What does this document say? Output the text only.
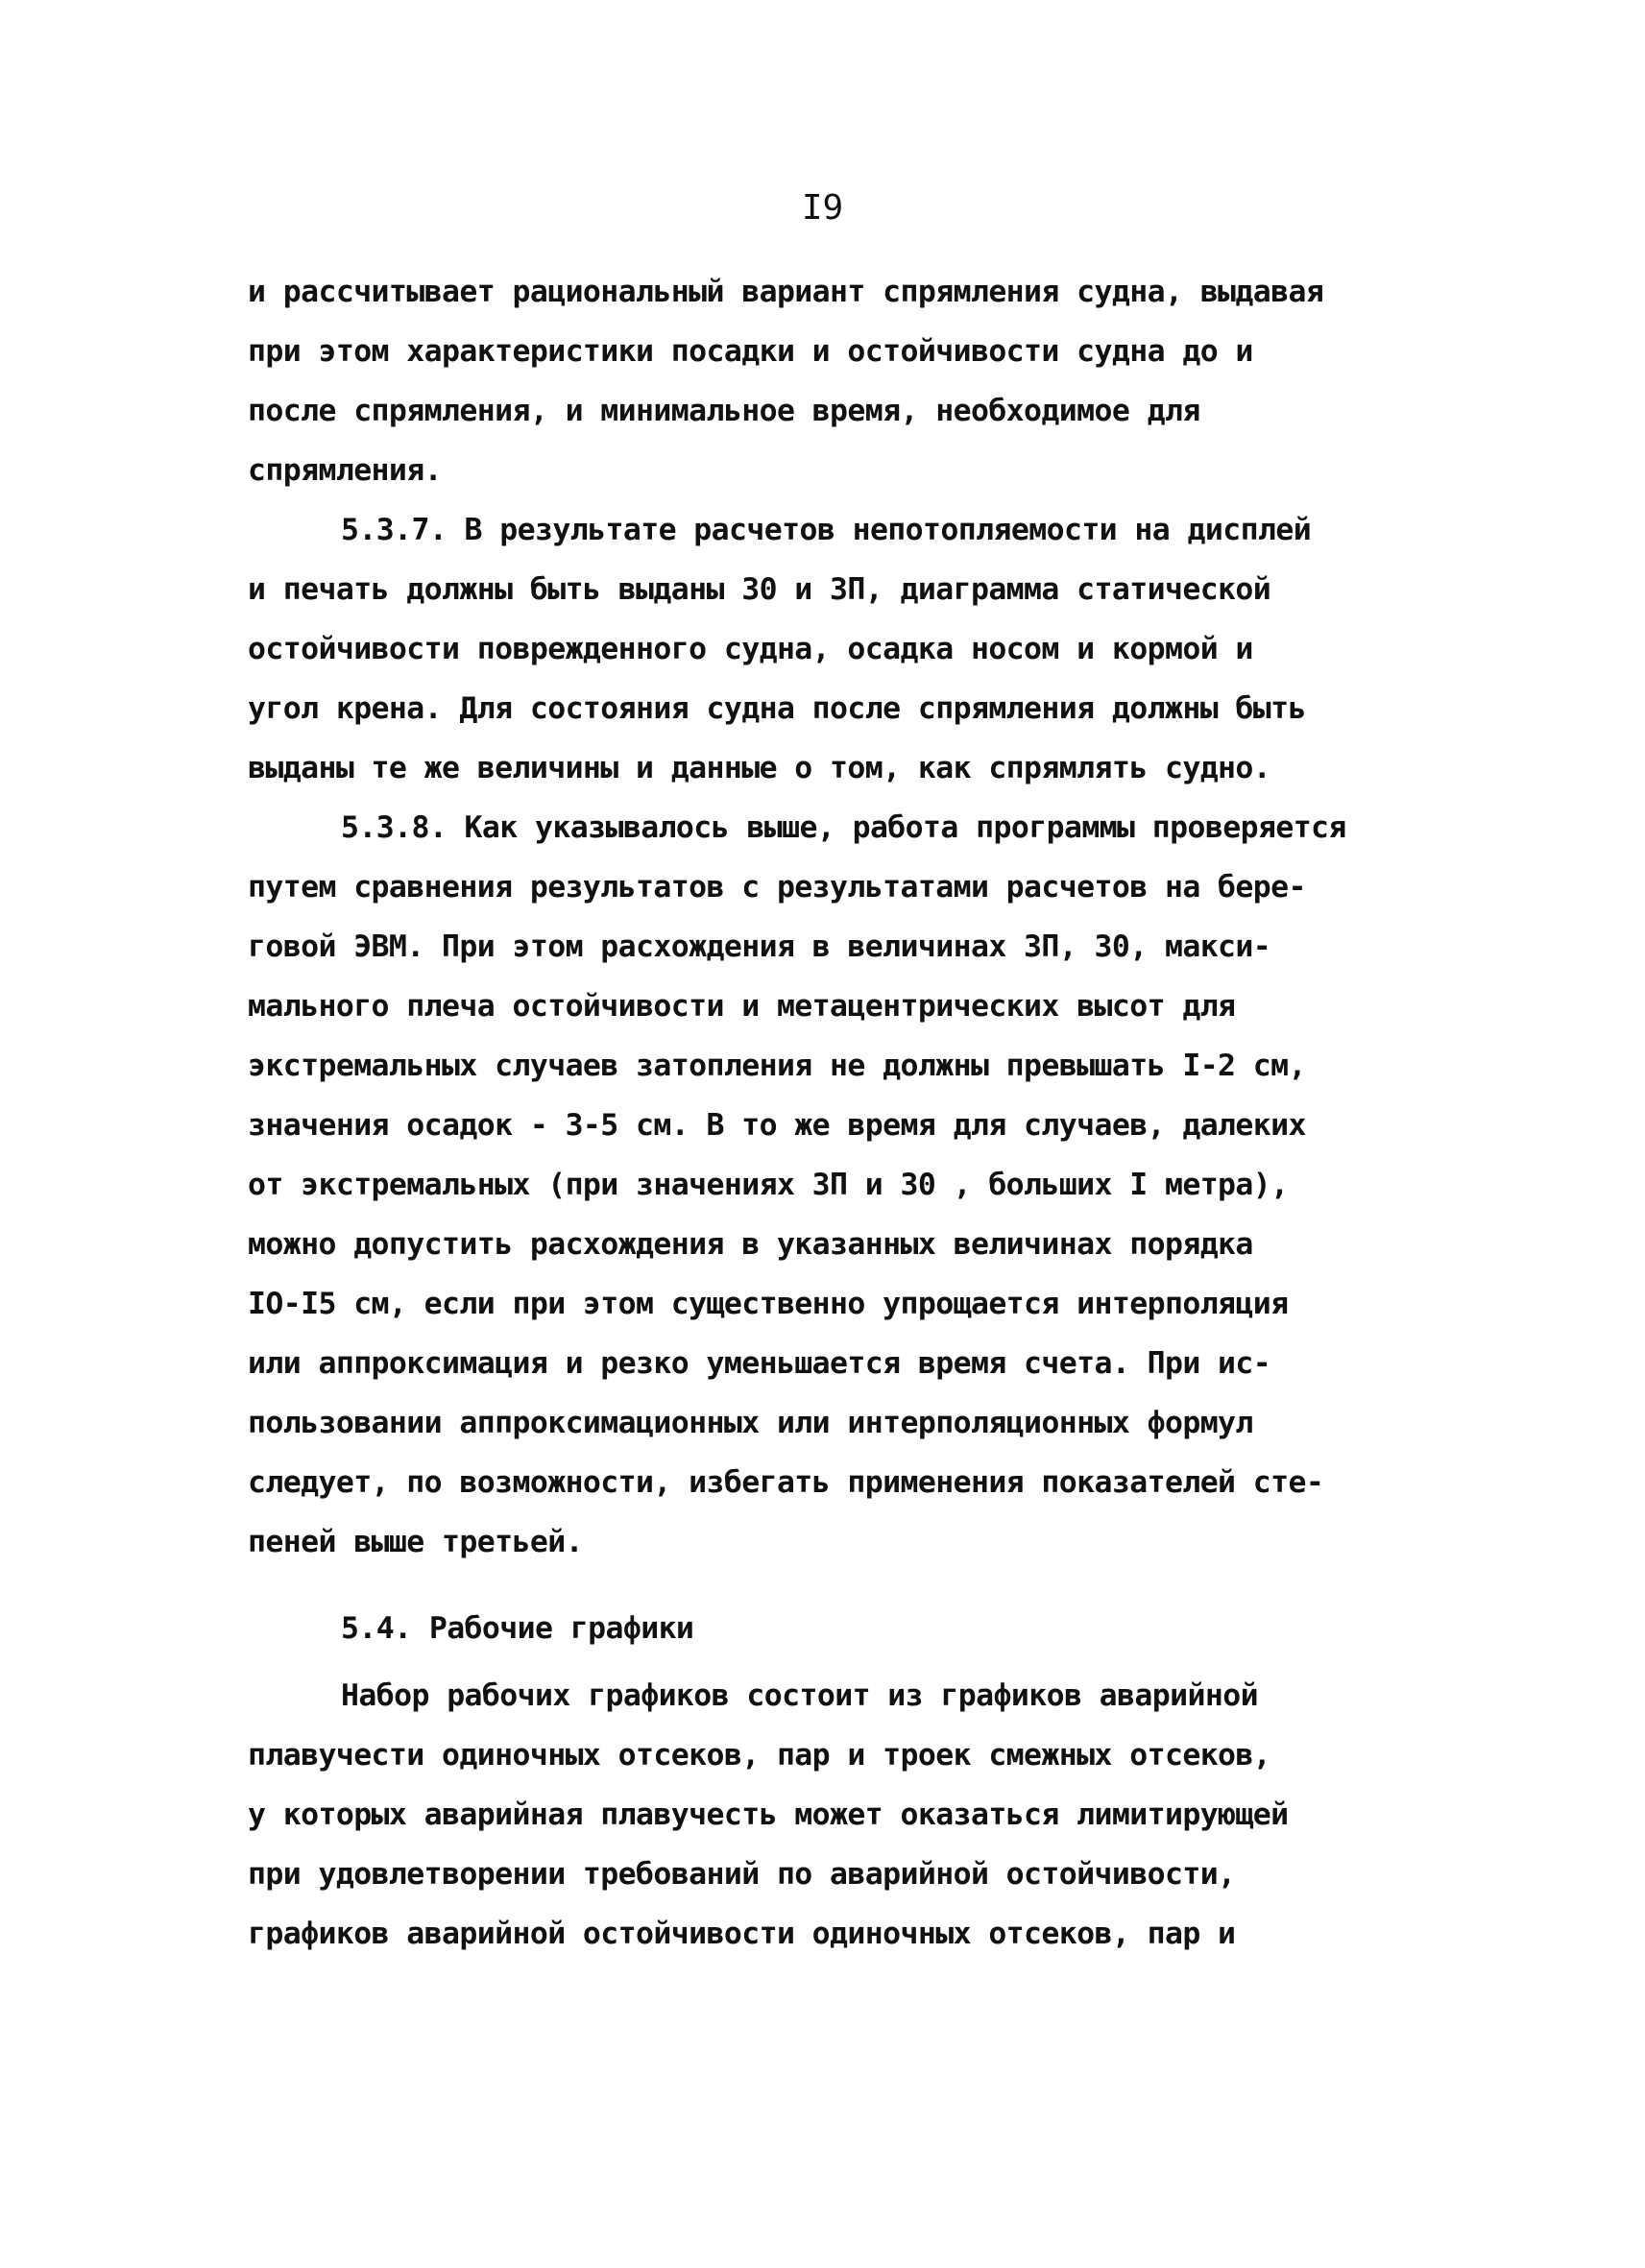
I9
и рассчитывает рациональный вариант спрямления судна, выдавая
при этом характеристики посадки и остойчивости судна до и
после спрямления, и минимальное время, необходимое для
спрямления.
5.3.7. В результате расчетов непотопляемости на дисплей
и печать должны быть выданы 30 и ЗП, диаграмма статической
остойчивости поврежденного судна, осадка носом и кормой и
угол крена. Для состояния судна после спрямления должны быть
выданы те же величины и данные о том, как спрямлять судно.
5.3.8. Как указывалось выше, работа программы проверяется
путем сравнения результатов с результатами расчетов на бере-
говой ЭВМ. При этом расхождения в величинах ЗП, 30, макси-
мального плеча остойчивости и метацентрических высот для
экстремальных случаев затопления не должны превышать I-2 см,
значения осадок - 3-5 см. В то же время для случаев, далеких
от экстремальных (при значениях ЗП и 30 , больших I метра),
можно допустить расхождения в указанных величинах порядка
IO-I5 см, если при этом существенно упрощается интерполяция
или аппроксимация и резко уменьшается время счета. При ис-
пользовании аппроксимационных или интерполяционных формул
следует, по возможности, избегать применения показателей сте-
пеней выше третьей.
5.4. Рабочие графики
Набор рабочих графиков состоит из графиков аварийной
плавучести одиночных отсеков, пар и троек смежных отсеков,
у которых аварийная плавучесть может оказаться лимитирующей
при удовлетворении требований по аварийной остойчивости,
графиков аварийной остойчивости одиночных отсеков, пар и
